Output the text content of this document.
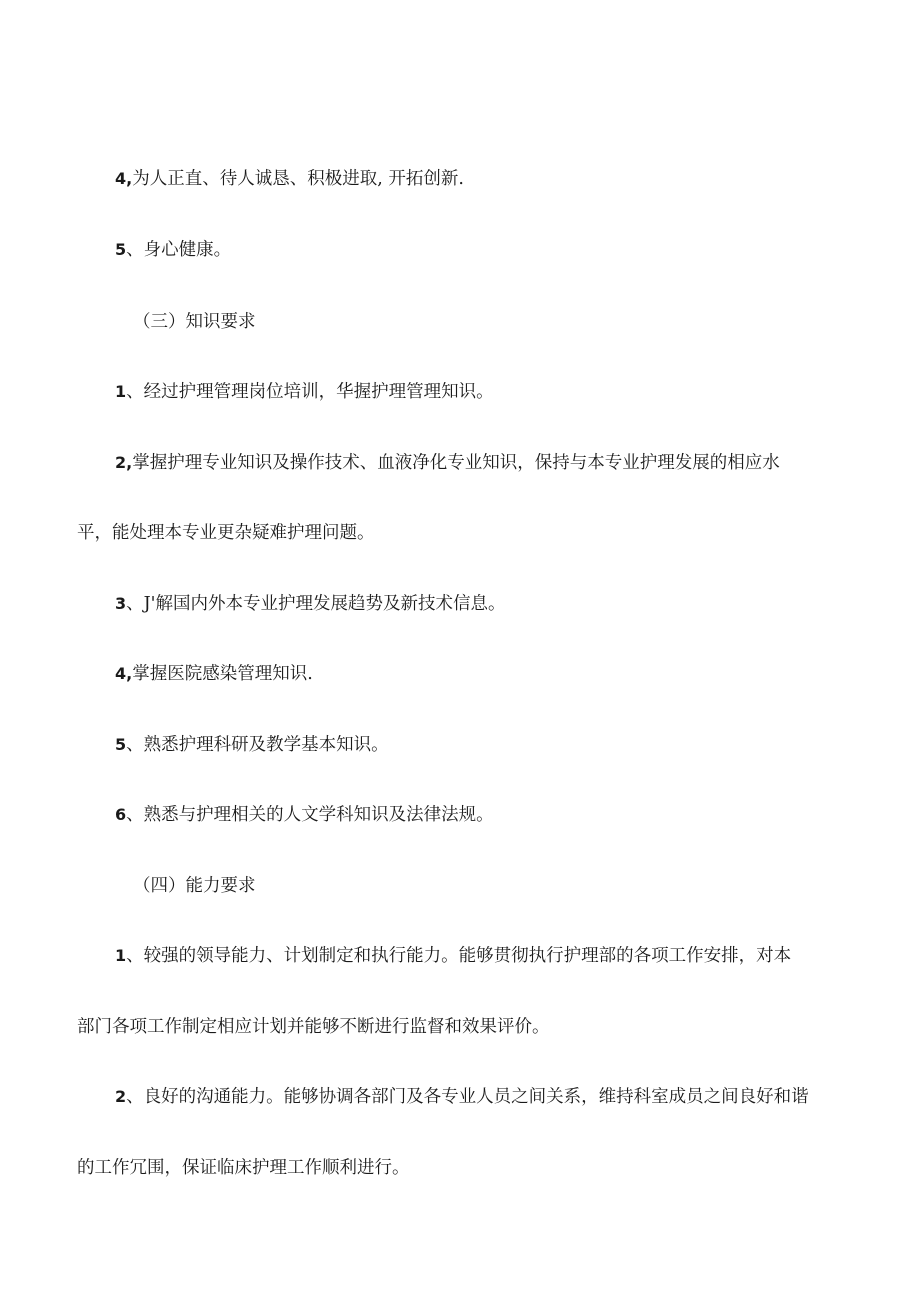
4,为人正直、待人诚恳、积极进取, 开拓创新.

5、身心健康。

（三）知识要求

1、经过护理管理岗位培训，华握护理管理知识。

2,掌握护理专业知识及操作技术、血液净化专业知识，保持与本专业护理发展的相应水

平，能处理本专业更杂疑难护理问题。

3、J'解国内外本专业护理发展趋势及新技术信息。

4,掌握医院感染管理知识.

5、熟悉护理科研及教学基本知识。

6、熟悉与护理相关的人文学科知识及法律法规。

（四）能力要求

1、较强的领导能力、计划制定和执行能力。能够贯彻执行护理部的各项工作安排，对本

部门各项工作制定相应计划并能够不断进行监督和效果评价。

2、良好的沟通能力。能够协调各部门及各专业人员之间关系，维持科室成员之间良好和谐

的工作冗围，保证临床护理工作顺利进行。
